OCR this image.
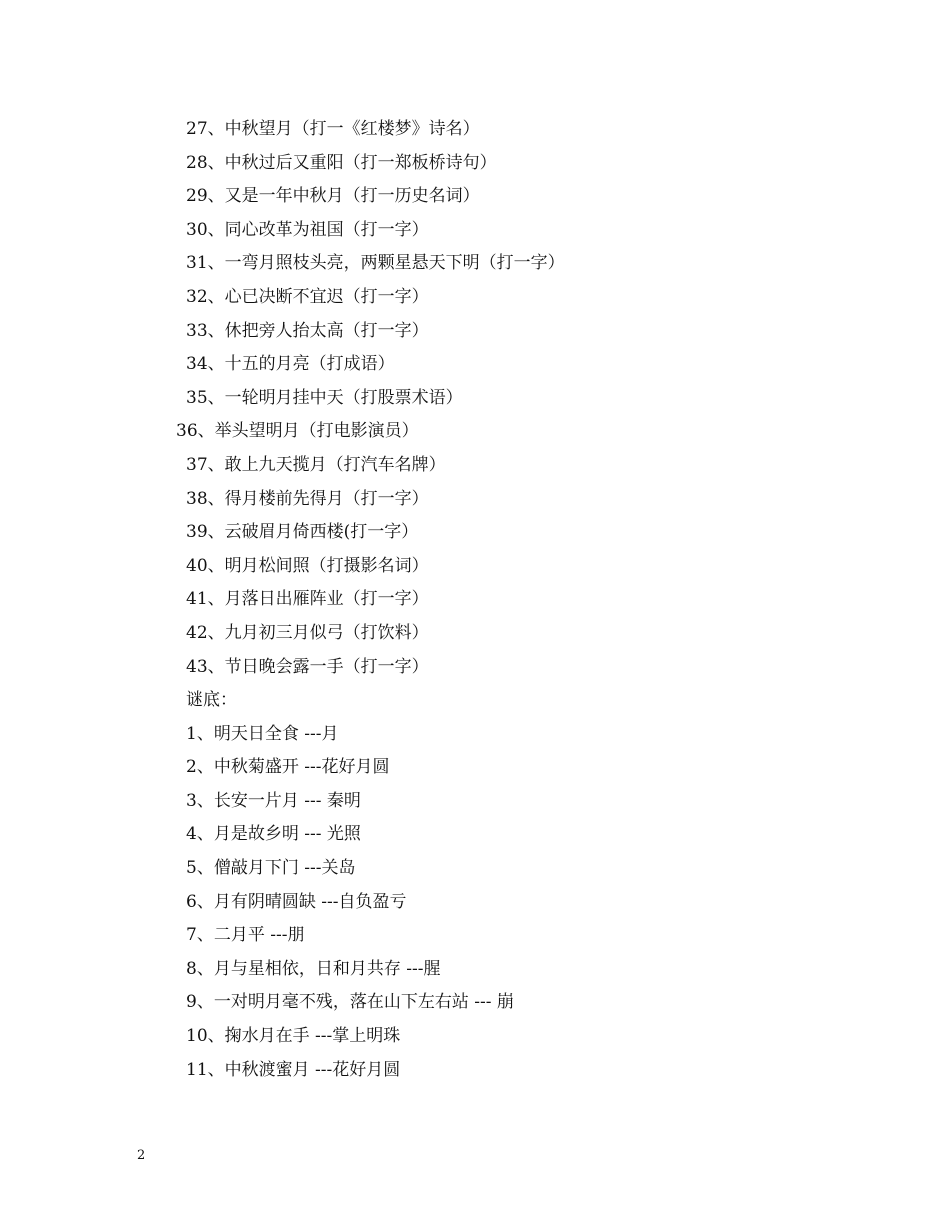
27、中秋望月（打一《红楼梦》诗名）
28、中秋过后又重阳（打一郑板桥诗句）
29、又是一年中秋月（打一历史名词）
30、同心改革为祖国（打一字）
31、一弯月照枝头亮，两颗星悬天下明（打一字）
32、心已决断不宜迟（打一字）
33、休把旁人抬太高（打一字）
34、十五的月亮（打成语）
35、一轮明月挂中天（打股票术语）
36、举头望明月（打电影演员）
37、敢上九天揽月（打汽车名牌）
38、得月楼前先得月（打一字）
39、云破眉月倚西楼(打一字）
40、明月松间照（打摄影名词）
41、月落日出雁阵业（打一字）
42、九月初三月似弓（打饮料）
43、节日晚会露一手（打一字）
谜底：
1、明天日全食 ---月
2、中秋菊盛开 ---花好月圆
3、长安一片月 --- 秦明
4、月是故乡明 --- 光照
5、僧敲月下门 ---关岛
6、月有阴晴圆缺 ---自负盈亏
7、二月平 ---朋
8、月与星相依，日和月共存 ---腥
9、一对明月毫不残，落在山下左右站 --- 崩
10、掬水月在手 ---掌上明珠
11、中秋渡蜜月 ---花好月圆
2
